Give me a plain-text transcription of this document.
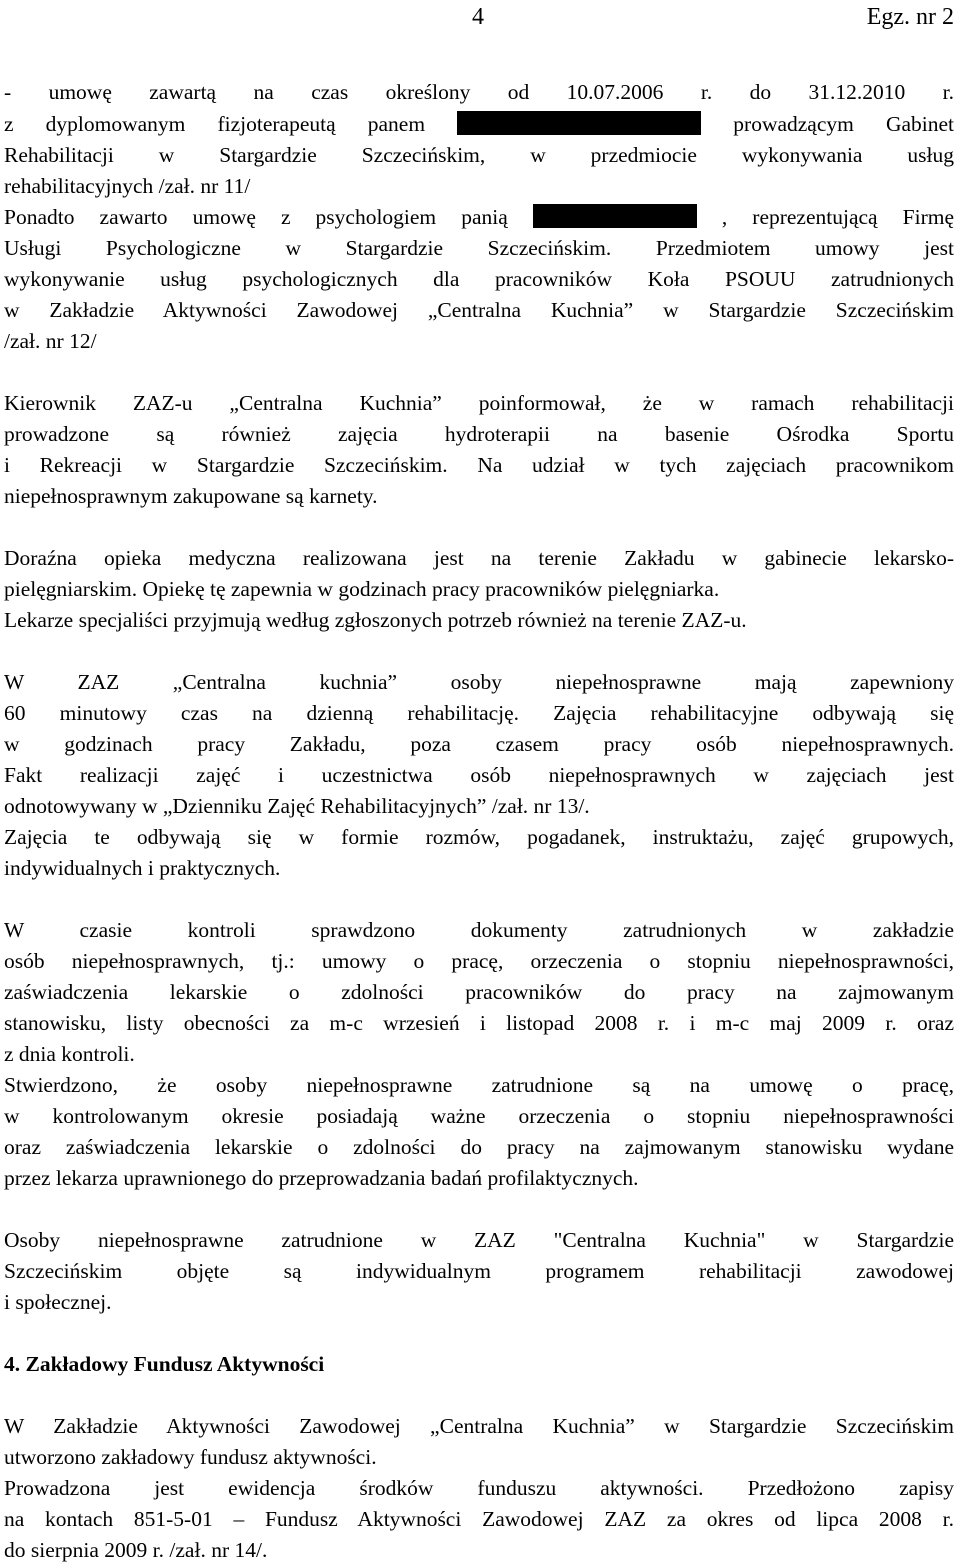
4	Egz. nr 2
- umowę zawartą na czas określony od 10.07.2006 r. do 31.12.2010 r.
z dyplomowanym fizjoterapeutą panem	prowadzącym Gabinet
Rehabilitacji w Stargardzie Szczecińskim, w przedmiocie wykonywania usług
rehabilitacyjnych /zał. nr 11/
Ponadto zawarto umowę z psychologiem panią	, reprezentującą Firmę
Usługi Psychologiczne w Stargardzie Szczecińskim. Przedmiotem umowy jest
wykonywanie usług psychologicznych dla pracowników Koła PSOUU zatrudnionych
w Zakładzie Aktywności Zawodowej „Centralna Kuchnia” w Stargardzie Szczecińskim
/zał. nr 12/
Kierownik ZAZ-u „Centralna Kuchnia” poinformował, że w ramach rehabilitacji
prowadzone są również zajęcia hydroterapii na basenie Ośrodka Sportu
i Rekreacji w Stargardzie Szczecińskim. Na udział w tych zajęciach pracownikom
niepełnosprawnym zakupowane są karnety.
Doraźna opieka medyczna realizowana jest na terenie Zakładu w gabinecie lekarsko-
pielęgniarskim. Opiekę tę zapewnia w godzinach pracy pracowników pielęgniarka.
Lekarze specjaliści przyjmują według zgłoszonych potrzeb również na terenie ZAZ-u.
W ZAZ „Centralna kuchnia” osoby niepełnosprawne mają zapewniony
60 minutowy czas na dzienną rehabilitację. Zajęcia rehabilitacyjne odbywają się
w godzinach pracy Zakładu, poza czasem pracy osób niepełnosprawnych.
Fakt realizacji zajęć i uczestnictwa osób niepełnosprawnych w zajęciach jest
odnotowywany w „Dzienniku Zajęć Rehabilitacyjnych” /zał. nr 13/.
Zajęcia te odbywają się w formie rozmów, pogadanek, instruktażu, zajęć grupowych,
indywidualnych i praktycznych.
W czasie kontroli sprawdzono dokumenty zatrudnionych w zakładzie
osób niepełnosprawnych, tj.: umowy o pracę, orzeczenia o stopniu niepełnosprawności,
zaświadczenia lekarskie o zdolności pracowników do pracy na zajmowanym
stanowisku, listy obecności za m-c wrzesień i listopad 2008 r. i m-c maj 2009 r. oraz
z dnia kontroli.
Stwierdzono, że osoby niepełnosprawne zatrudnione są na umowę o pracę,
w kontrolowanym okresie posiadają ważne orzeczenia o stopniu niepełnosprawności
oraz zaświadczenia lekarskie o zdolności do pracy na zajmowanym stanowisku wydane
przez lekarza uprawnionego do przeprowadzania badań profilaktycznych.
Osoby niepełnosprawne zatrudnione w ZAZ "Centralna Kuchnia" w Stargardzie
Szczecińskim objęte są indywidualnym programem rehabilitacji zawodowej
i społecznej.
4. Zakładowy Fundusz Aktywności
W Zakładzie Aktywności Zawodowej „Centralna Kuchnia” w Stargardzie Szczecińskim
utworzono zakładowy fundusz aktywności.
Prowadzona jest ewidencja środków funduszu aktywności. Przedłożono zapisy
na kontach 851-5-01 – Fundusz Aktywności Zawodowej ZAZ za okres od lipca 2008 r.
do sierpnia 2009 r. /zał. nr 14/.
